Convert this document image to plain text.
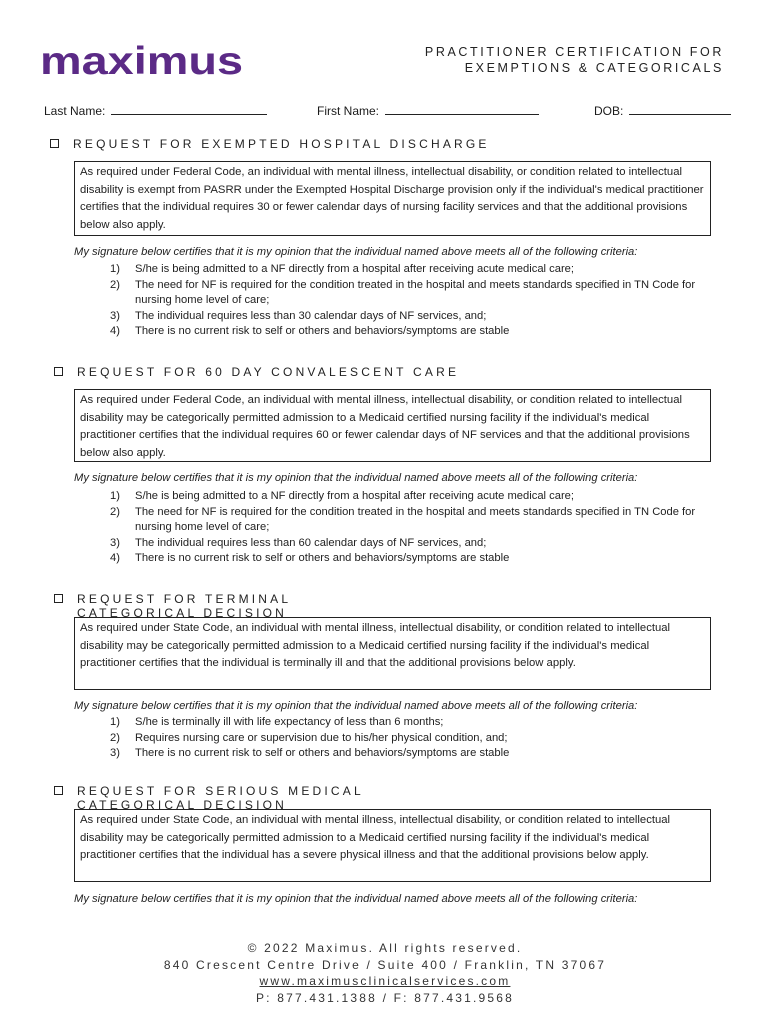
maximus	PRACTITIONER CERTIFICATION FOR
EXEMPTIONS & CATEGORICALS
Last Name:	First Name:	DOB:
REQUEST FOR EXEMPTED HOSPITAL DISCHARGE
As required under Federal Code, an individual with mental illness, intellectual disability, or condition related to intellectual disability is exempt from PASRR under the Exempted Hospital Discharge provision only if the individual's medical practitioner certifies that the individual requires 30 or fewer calendar days of nursing facility services and that the additional provisions below also apply.
My signature below certifies that it is my opinion that the individual named above meets all of the following criteria:
1) S/he is being admitted to a NF directly from a hospital after receiving acute medical care;
2) The need for NF is required for the condition treated in the hospital and meets standards specified in TN Code for nursing home level of care;
3) The individual requires less than 30 calendar days of NF services, and;
4) There is no current risk to self or others and behaviors/symptoms are stable
REQUEST FOR 60 DAY CONVALESCENT CARE
As required under Federal Code, an individual with mental illness, intellectual disability, or condition related to intellectual disability may be categorically permitted admission to a Medicaid certified nursing facility if the individual's medical practitioner certifies that the individual requires 60 or fewer calendar days of NF services and that the additional provisions below also apply.
My signature below certifies that it is my opinion that the individual named above meets all of the following criteria:
1) S/he is being admitted to a NF directly from a hospital after receiving acute medical care;
2) The need for NF is required for the condition treated in the hospital and meets standards specified in TN Code for nursing home level of care;
3) The individual requires less than 60 calendar days of NF services, and;
4) There is no current risk to self or others and behaviors/symptoms are stable
REQUEST FOR TERMINAL CATEGORICAL DECISION
As required under State Code, an individual with mental illness, intellectual disability, or condition related to intellectual disability may be categorically permitted admission to a Medicaid certified nursing facility if the individual's medical practitioner certifies that the individual is terminally ill and that the additional provisions below apply.
My signature below certifies that it is my opinion that the individual named above meets all of the following criteria:
1) S/he is terminally ill with life expectancy of less than 6 months;
2) Requires nursing care or supervision due to his/her physical condition, and;
3) There is no current risk to self or others and behaviors/symptoms are stable
REQUEST FOR SERIOUS MEDICAL CATEGORICAL DECISION
As required under State Code, an individual with mental illness, intellectual disability, or condition related to intellectual disability may be categorically permitted admission to a Medicaid certified nursing facility if the individual's medical practitioner certifies that the individual has a severe physical illness and that the additional provisions below apply.
My signature below certifies that it is my opinion that the individual named above meets all of the following criteria:
© 2022 Maximus. All rights reserved.
840 Crescent Centre Drive / Suite 400 / Franklin, TN 37067
www.maximusclinicalservices.com
P: 877.431.1388 / F: 877.431.9568
